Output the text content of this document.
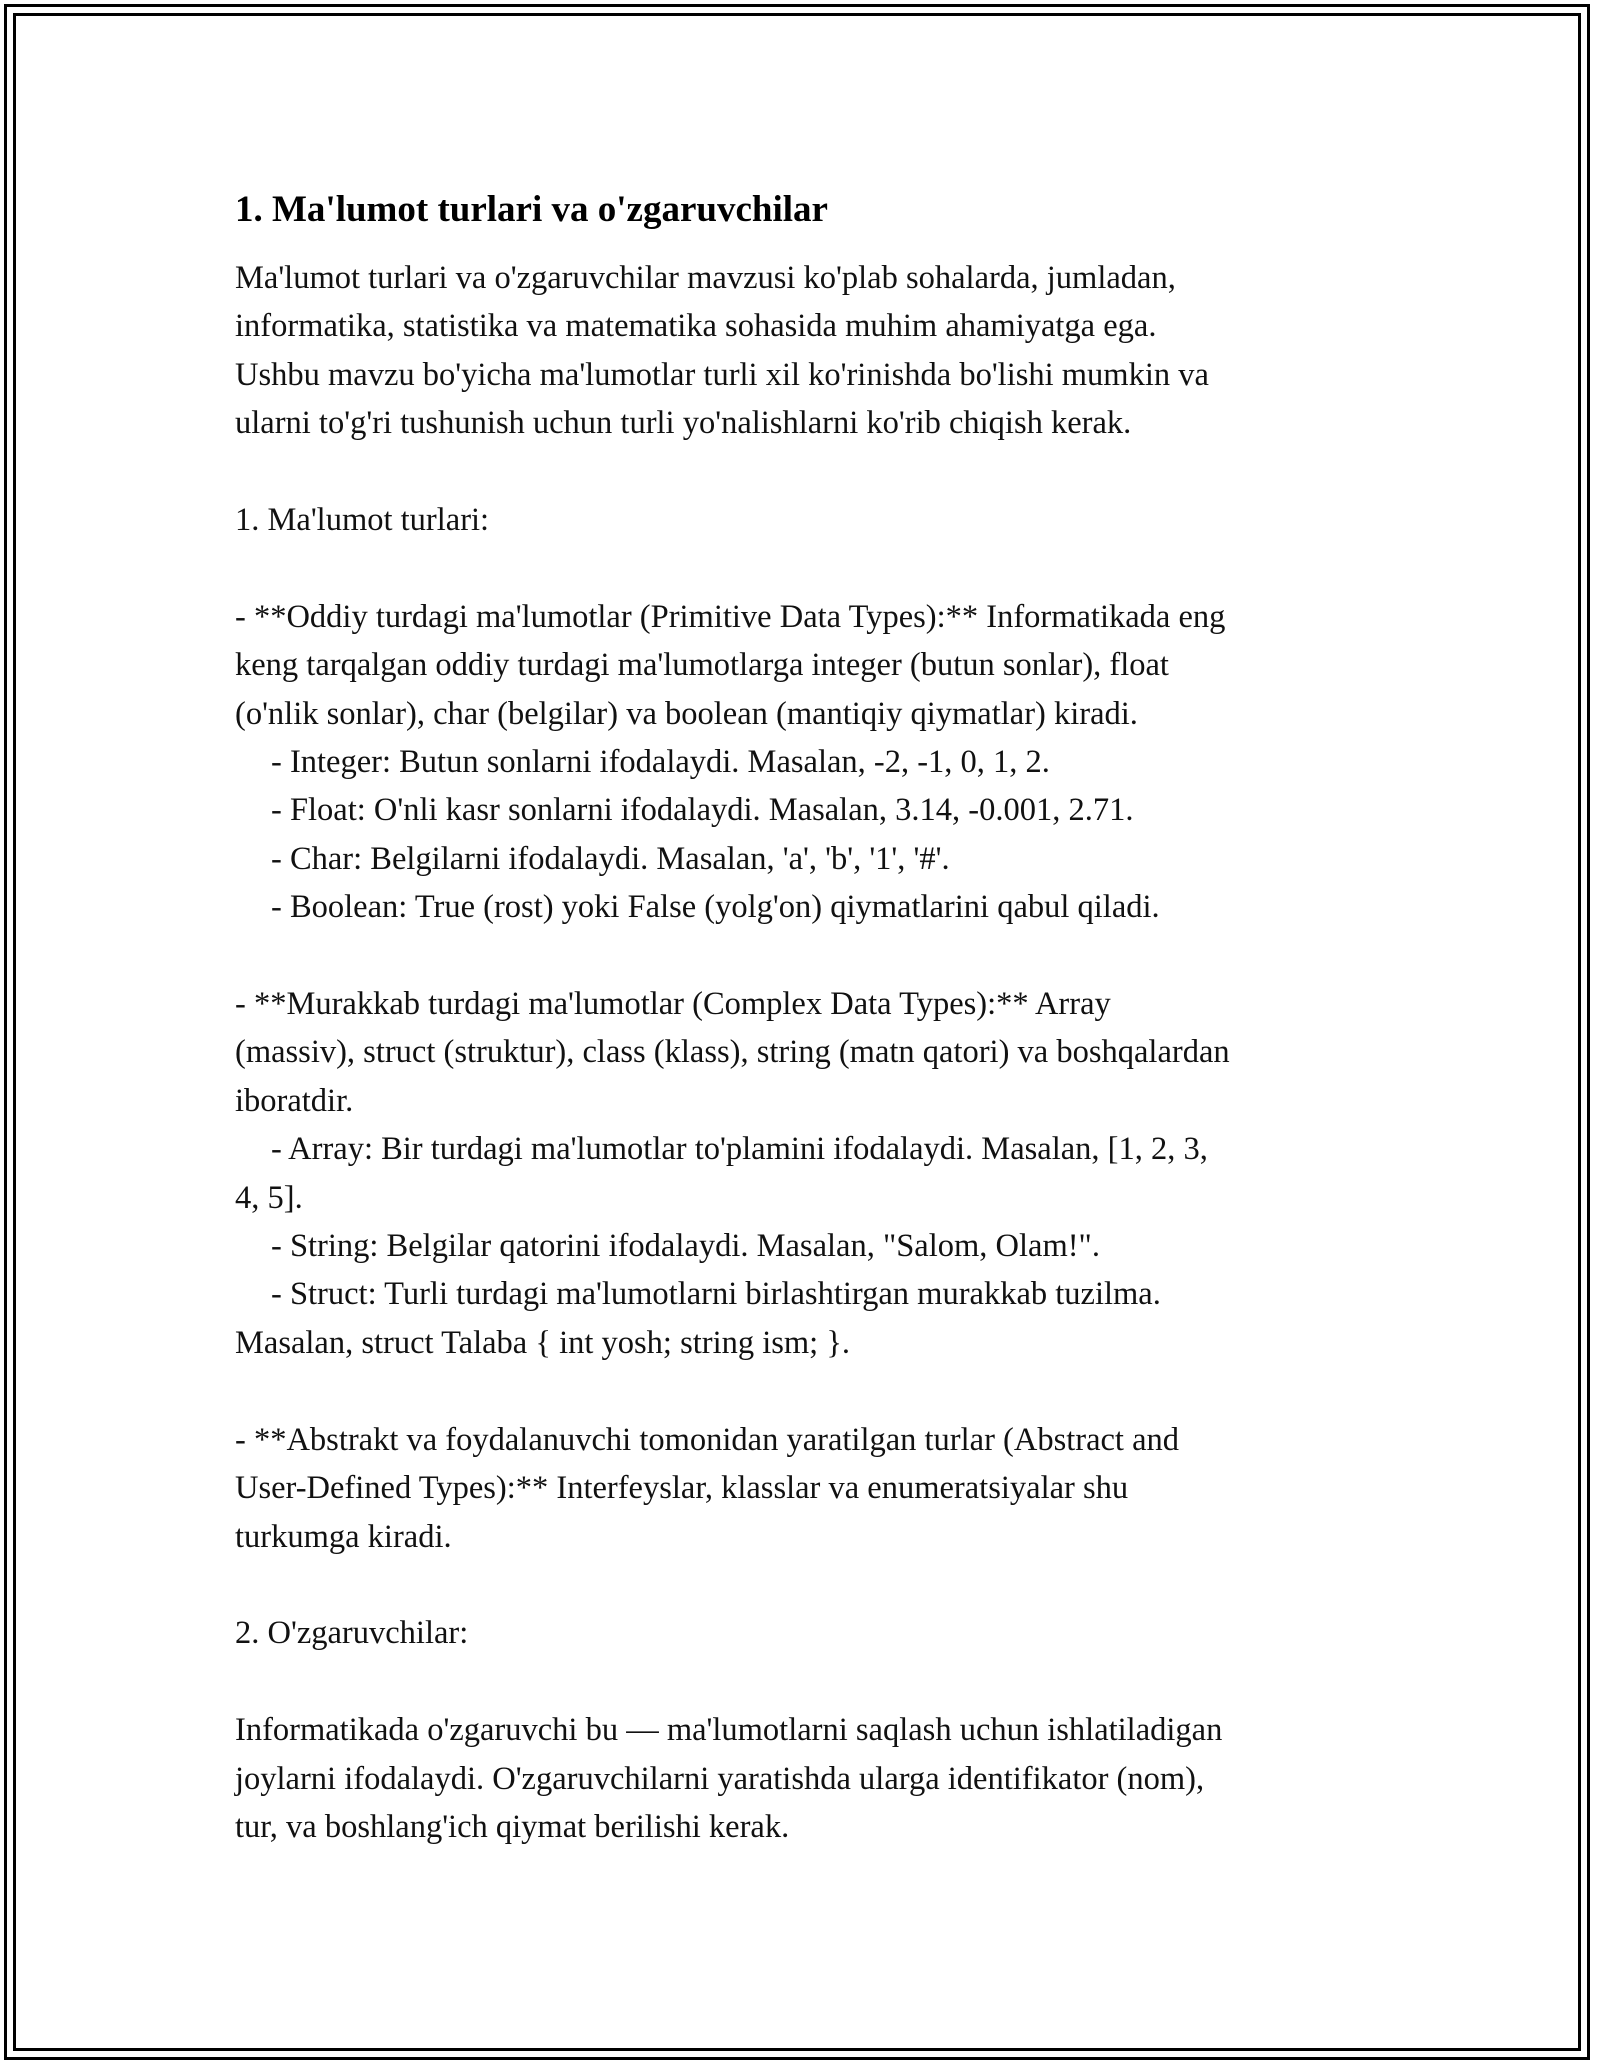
1. Ma'lumot turlari va o'zgaruvchilar

Ma'lumot turlari va o'zgaruvchilar mavzusi ko'plab sohalarda, jumladan,

informatika, statistika va matematika sohasida muhim ahamiyatga ega.

Ushbu mavzu bo'yicha ma'lumotlar turli xil ko'rinishda bo'lishi mumkin va

ularni to'g'ri tushunish uchun turli yo'nalishlarni ko'rib chiqish kerak.

1. Ma'lumot turlari:

- **Oddiy turdagi ma'lumotlar (Primitive Data Types):** Informatikada eng

keng tarqalgan oddiy turdagi ma'lumotlarga integer (butun sonlar), float

(o'nlik sonlar), char (belgilar) va boolean (mantiqiy qiymatlar) kiradi.

- Integer: Butun sonlarni ifodalaydi. Masalan, -2, -1, 0, 1, 2.

- Float: O'nli kasr sonlarni ifodalaydi. Masalan, 3.14, -0.001, 2.71.

- Char: Belgilarni ifodalaydi. Masalan, 'a', 'b', '1', '#'.

- Boolean: True (rost) yoki False (yolg'on) qiymatlarini qabul qiladi.

- **Murakkab turdagi ma'lumotlar (Complex Data Types):** Array

(massiv), struct (struktur), class (klass), string (matn qatori) va boshqalardan

iboratdir.

- Array: Bir turdagi ma'lumotlar to'plamini ifodalaydi. Masalan, [1, 2, 3,

4, 5].

- String: Belgilar qatorini ifodalaydi. Masalan, "Salom, Olam!".

- Struct: Turli turdagi ma'lumotlarni birlashtirgan murakkab tuzilma.

Masalan, struct Talaba { int yosh; string ism; }.

- **Abstrakt va foydalanuvchi tomonidan yaratilgan turlar (Abstract and

User-Defined Types):** Interfeyslar, klasslar va enumeratsiyalar shu

turkumga kiradi.

2. O'zgaruvchilar:

Informatikada o'zgaruvchi bu — ma'lumotlarni saqlash uchun ishlatiladigan

joylarni ifodalaydi. O'zgaruvchilarni yaratishda ularga identifikator (nom),

tur, va boshlang'ich qiymat berilishi kerak.
